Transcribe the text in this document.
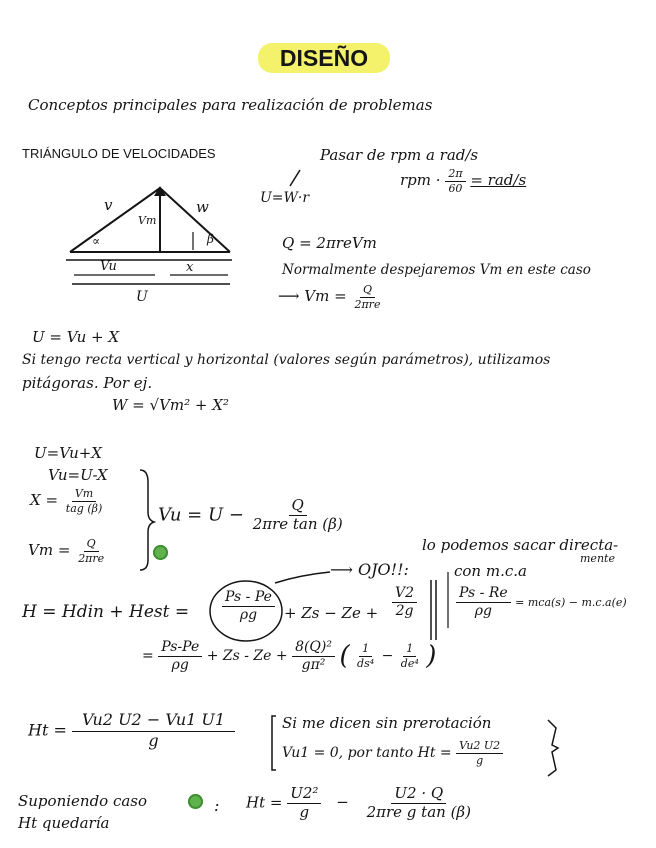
DISEÑO
Conceptos principales para realización de problemas
TRIÁNGULO DE VELOCIDADES
v	w
Vm
∝	β
Vu	x
U
Pasar de rpm a rad/s
rpm · $\frac{2\pi}{60} = rad/s$
U=W·r
Q = 2πreVm
Normalmente despejaremos Vm en este caso
⟶ $Vm = \frac{Q}{\text{2πre}}$
U = Vu + X
Si tengo recta vertical y horizontal (valores según parámetros), utilizamos
pitágoras. Por ej.
W = √Vm² + X²
U=Vu+X
Vu=U-X
$X = \frac{Vm}{\text{tag (β)}}$
$Vm = \frac{Q}{\text{2πre}}$
$Vu = U - \frac{Q}{\text{2πre tan (β)}}$
⟶ OJO!!:
lo podemos sacar directa-
mente
con m.c.a
H = Hdin + Hest = $\frac{Ps - Pe}{\rho g} + Zs - Ze + \frac{V2}{2g}$	$\frac{Ps - Re}{\rho g} = mca(s) - m.c.a(e)$
= $\frac{Ps-Pe}{\rho g} + Zs - Ze + \frac{\text{8(Q)²}}{\text{gπ²}}$ ( $\frac{1}{\text{ds⁴}} - \frac{1}{\text{de⁴}}$ )
$Ht = \frac{Vu2 U2 - Vu1 U1}{g}$	Si me dicen sin prerotación
Vu1 = 0, por tanto $Ht = \frac{Vu2 U2}{g}$
Suponiendo caso	:
Ht quedaría
$Ht = \frac{\text{U2²}}{g} - \frac{U2 \cdot Q}{\text{2πre g tan (β)}}$
